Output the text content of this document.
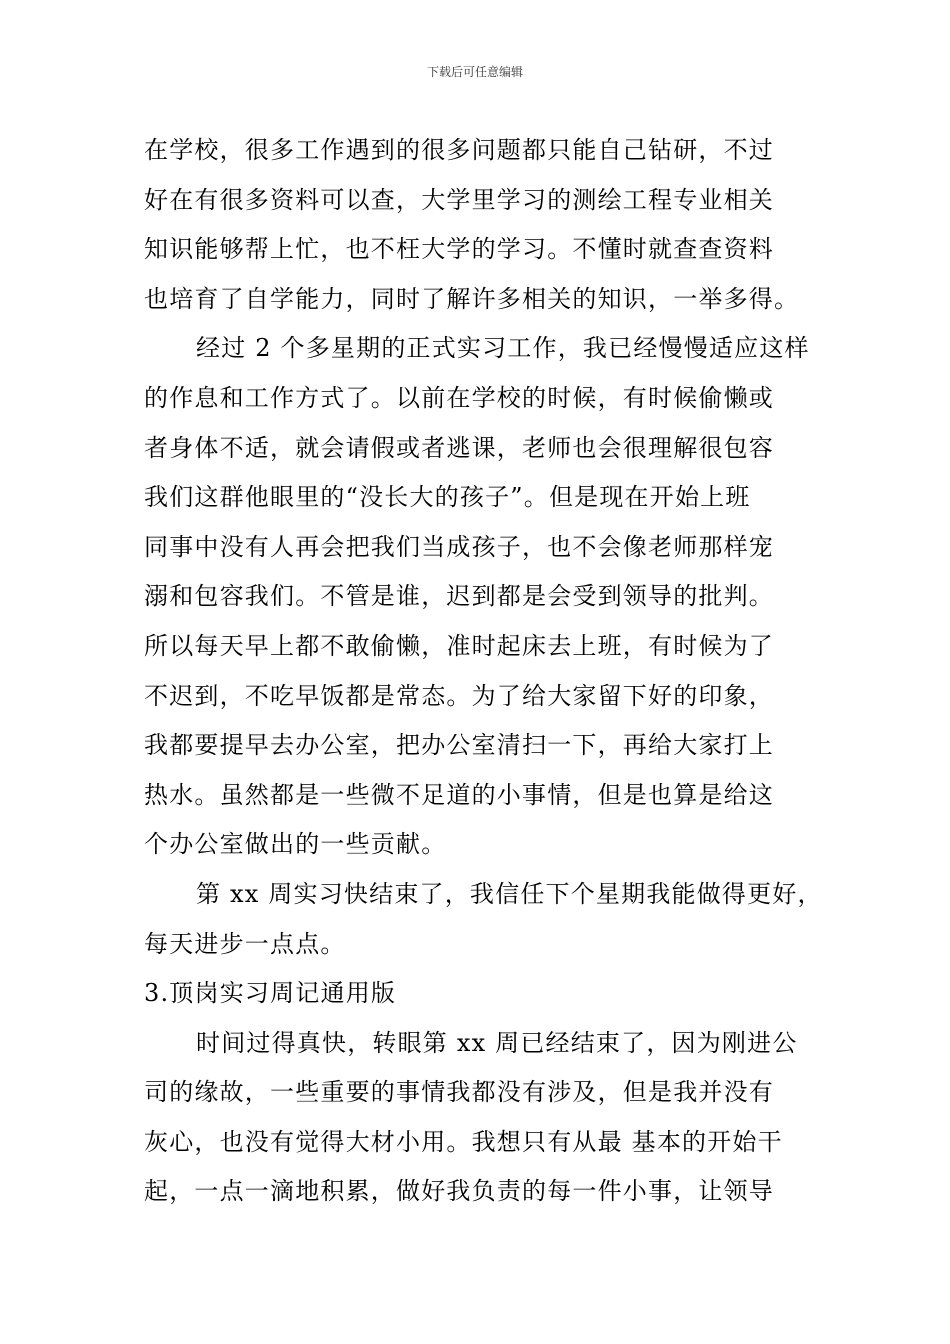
下载后可任意编辑
在学校，很多工作遇到的很多问题都只能自己钻研，不过
好在有很多资料可以查，大学里学习的测绘工程专业相关
知识能够帮上忙，也不枉大学的学习。不懂时就查查资料
也培育了自学能力，同时了解许多相关的知识，一举多得。
经过 2 个多星期的正式实习工作，我已经慢慢适应这样
的作息和工作方式了。以前在学校的时候，有时候偷懒或
者身体不适，就会请假或者逃课，老师也会很理解很包容
我们这群他眼里的“没长大的孩子”。但是现在开始上班
同事中没有人再会把我们当成孩子，也不会像老师那样宠
溺和包容我们。不管是谁，迟到都是会受到领导的批判。
所以每天早上都不敢偷懒，准时起床去上班，有时候为了
不迟到，不吃早饭都是常态。为了给大家留下好的印象，
我都要提早去办公室，把办公室清扫一下，再给大家打上
热水。虽然都是一些微不足道的小事情，但是也算是给这
个办公室做出的一些贡献。
第 xx 周实习快结束了，我信任下个星期我能做得更好，
每天进步一点点。
3.顶岗实习周记通用版
时间过得真快，转眼第 xx 周已经结束了，因为刚进公
司的缘故，一些重要的事情我都没有涉及，但是我并没有
灰心，也没有觉得大材小用。我想只有从最 基本的开始干
起，一点一滴地积累，做好我负责的每一件小事，让领导
